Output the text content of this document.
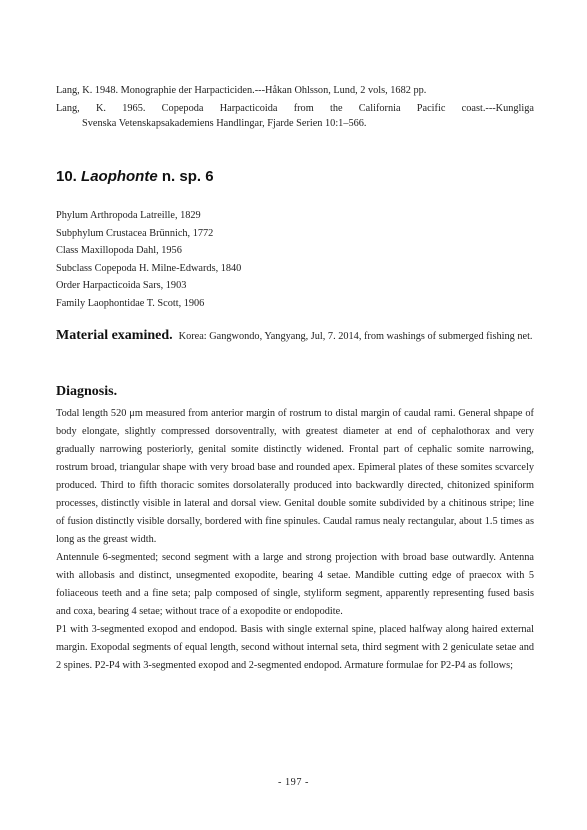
Lang, K. 1948. Monographie der Harpacticiden.---Håkan Ohlsson, Lund, 2 vols, 1682 pp.
Lang, K. 1965. Copepoda Harpacticoida from the California Pacific coast.---Kungliga
Svenska Vetenskapsakademiens Handlingar, Fjarde Serien 10:1–566.
10. Laophonte n. sp. 6
Phylum Arthropoda Latreille, 1829
Subphylum Crustacea Brünnich, 1772
Class Maxillopoda Dahl, 1956
Subclass Copepoda H. Milne-Edwards, 1840
Order Harpacticoida Sars, 1903
Family Laophontidae T. Scott, 1906
Material examined. Korea: Gangwondo, Yangyang, Jul, 7. 2014, from washings of submerged fishing net.
Diagnosis.

Todal length 520 μm measured from anterior margin of rostrum to distal margin of caudal rami. General shpape of body elongate, slightly compressed dorsoventrally, with greatest diameter at end of cephalothorax and very gradually narrowing posteriorly, genital somite distinctly widened. Frontal part of cephalic somite narrowing, rostrum broad, triangular shape with very broad base and rounded apex. Epimeral plates of these somites scvarcely produced. Third to fifth thoracic somites dorsolaterally produced into backwardly directed, chitonized spiniform processes, distinctly visible in lateral and dorsal view. Genital double somite subdivided by a chitinous stripe; line of fusion distinctly visible dorsally, bordered with fine spinules. Caudal ramus nealy rectangular, about 1.5 times as long as the greast width.

Antennule 6-segmented; second segment with a large and strong projection with broad base outwardly. Antenna with allobasis and distinct, unsegmented exopodite, bearing 4 setae. Mandible cutting edge of praecox with 5 foliaceous teeth and a fine seta; palp composed of single, styliform segment, apparently representing fused basis and coxa, bearing 4 setae; without trace of a exopodite or endopodite.

P1 with 3-segmented exopod and endopod. Basis with single external spine, placed halfway along haired external margin. Exopodal segments of equal length, second without internal seta, third segment with 2 geniculate setae and 2 spines. P2-P4 with 3-segmented exopod and 2-segmented endopod. Armature formulae for P2-P4 as follows;

- 197 -
